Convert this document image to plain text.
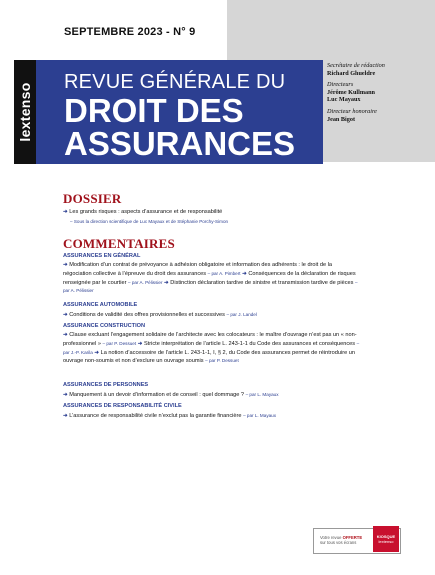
SEPTEMBRE 2023 - N° 9
lextenso
REVUE GÉNÉRALE DU
DROIT DES
ASSURANCES
Secrétaire de rédaction
Richard Ghueldre
Directeurs
Jérôme Kullmann
Luc Mayaux
Directeur honoraire
Jean Bigot
DOSSIER
➜ Les grands risques : aspects d’assurance et de responsabilité
– Sous la direction scientifique de Luc Mayaux et de Stéphanie Porchy-Simon
COMMENTAIRES
ASSURANCES EN GÉNÉRAL
➜ Modification d’un contrat de prévoyance à adhésion obligatoire et information des adhérents : le droit de la négociation collective à l’épreuve du droit des assurances – par A. Pimbert ➜ Conséquences de la déclaration de risques renseignée par le courtier – par A. Pélissier ➜ Distinction déclaration tardive de sinistre et transmission tardive de pièces – par A. Pélissier
ASSURANCE AUTOMOBILE
➜ Conditions de validité des offres provisionnelles et successives – par J. Landel
ASSURANCE CONSTRUCTION
➜ Clause excluant l’engagement solidaire de l’architecte avec les colocateurs : le maître d’ouvrage n’est pas un « non-professionnel » – par P. Dessuet ➜ Stricte interprétation de l’article L. 243-1-1 du Code des assurances et conséquences – par J.-P. Karila ➜ La notion d’accessoire de l’article L. 243-1-1, I, § 2, du Code des assurances permet de réintroduire un ouvrage non-soumis et non d’exclure un ouvrage soumis – par P. Dessuet
ASSURANCES DE PERSONNES
➜ Manquement à un devoir d’information et de conseil : quel dommage ? – par L. Mayaux
ASSURANCES DE RESPONSABILITÉ CIVILE
➜ L’assurance de responsabilité civile n’exclut pas la garantie financière – par L. Mayaux
Votre revue OFFERTE
sur tous vos écrans
KIOSQUE
lextenso
